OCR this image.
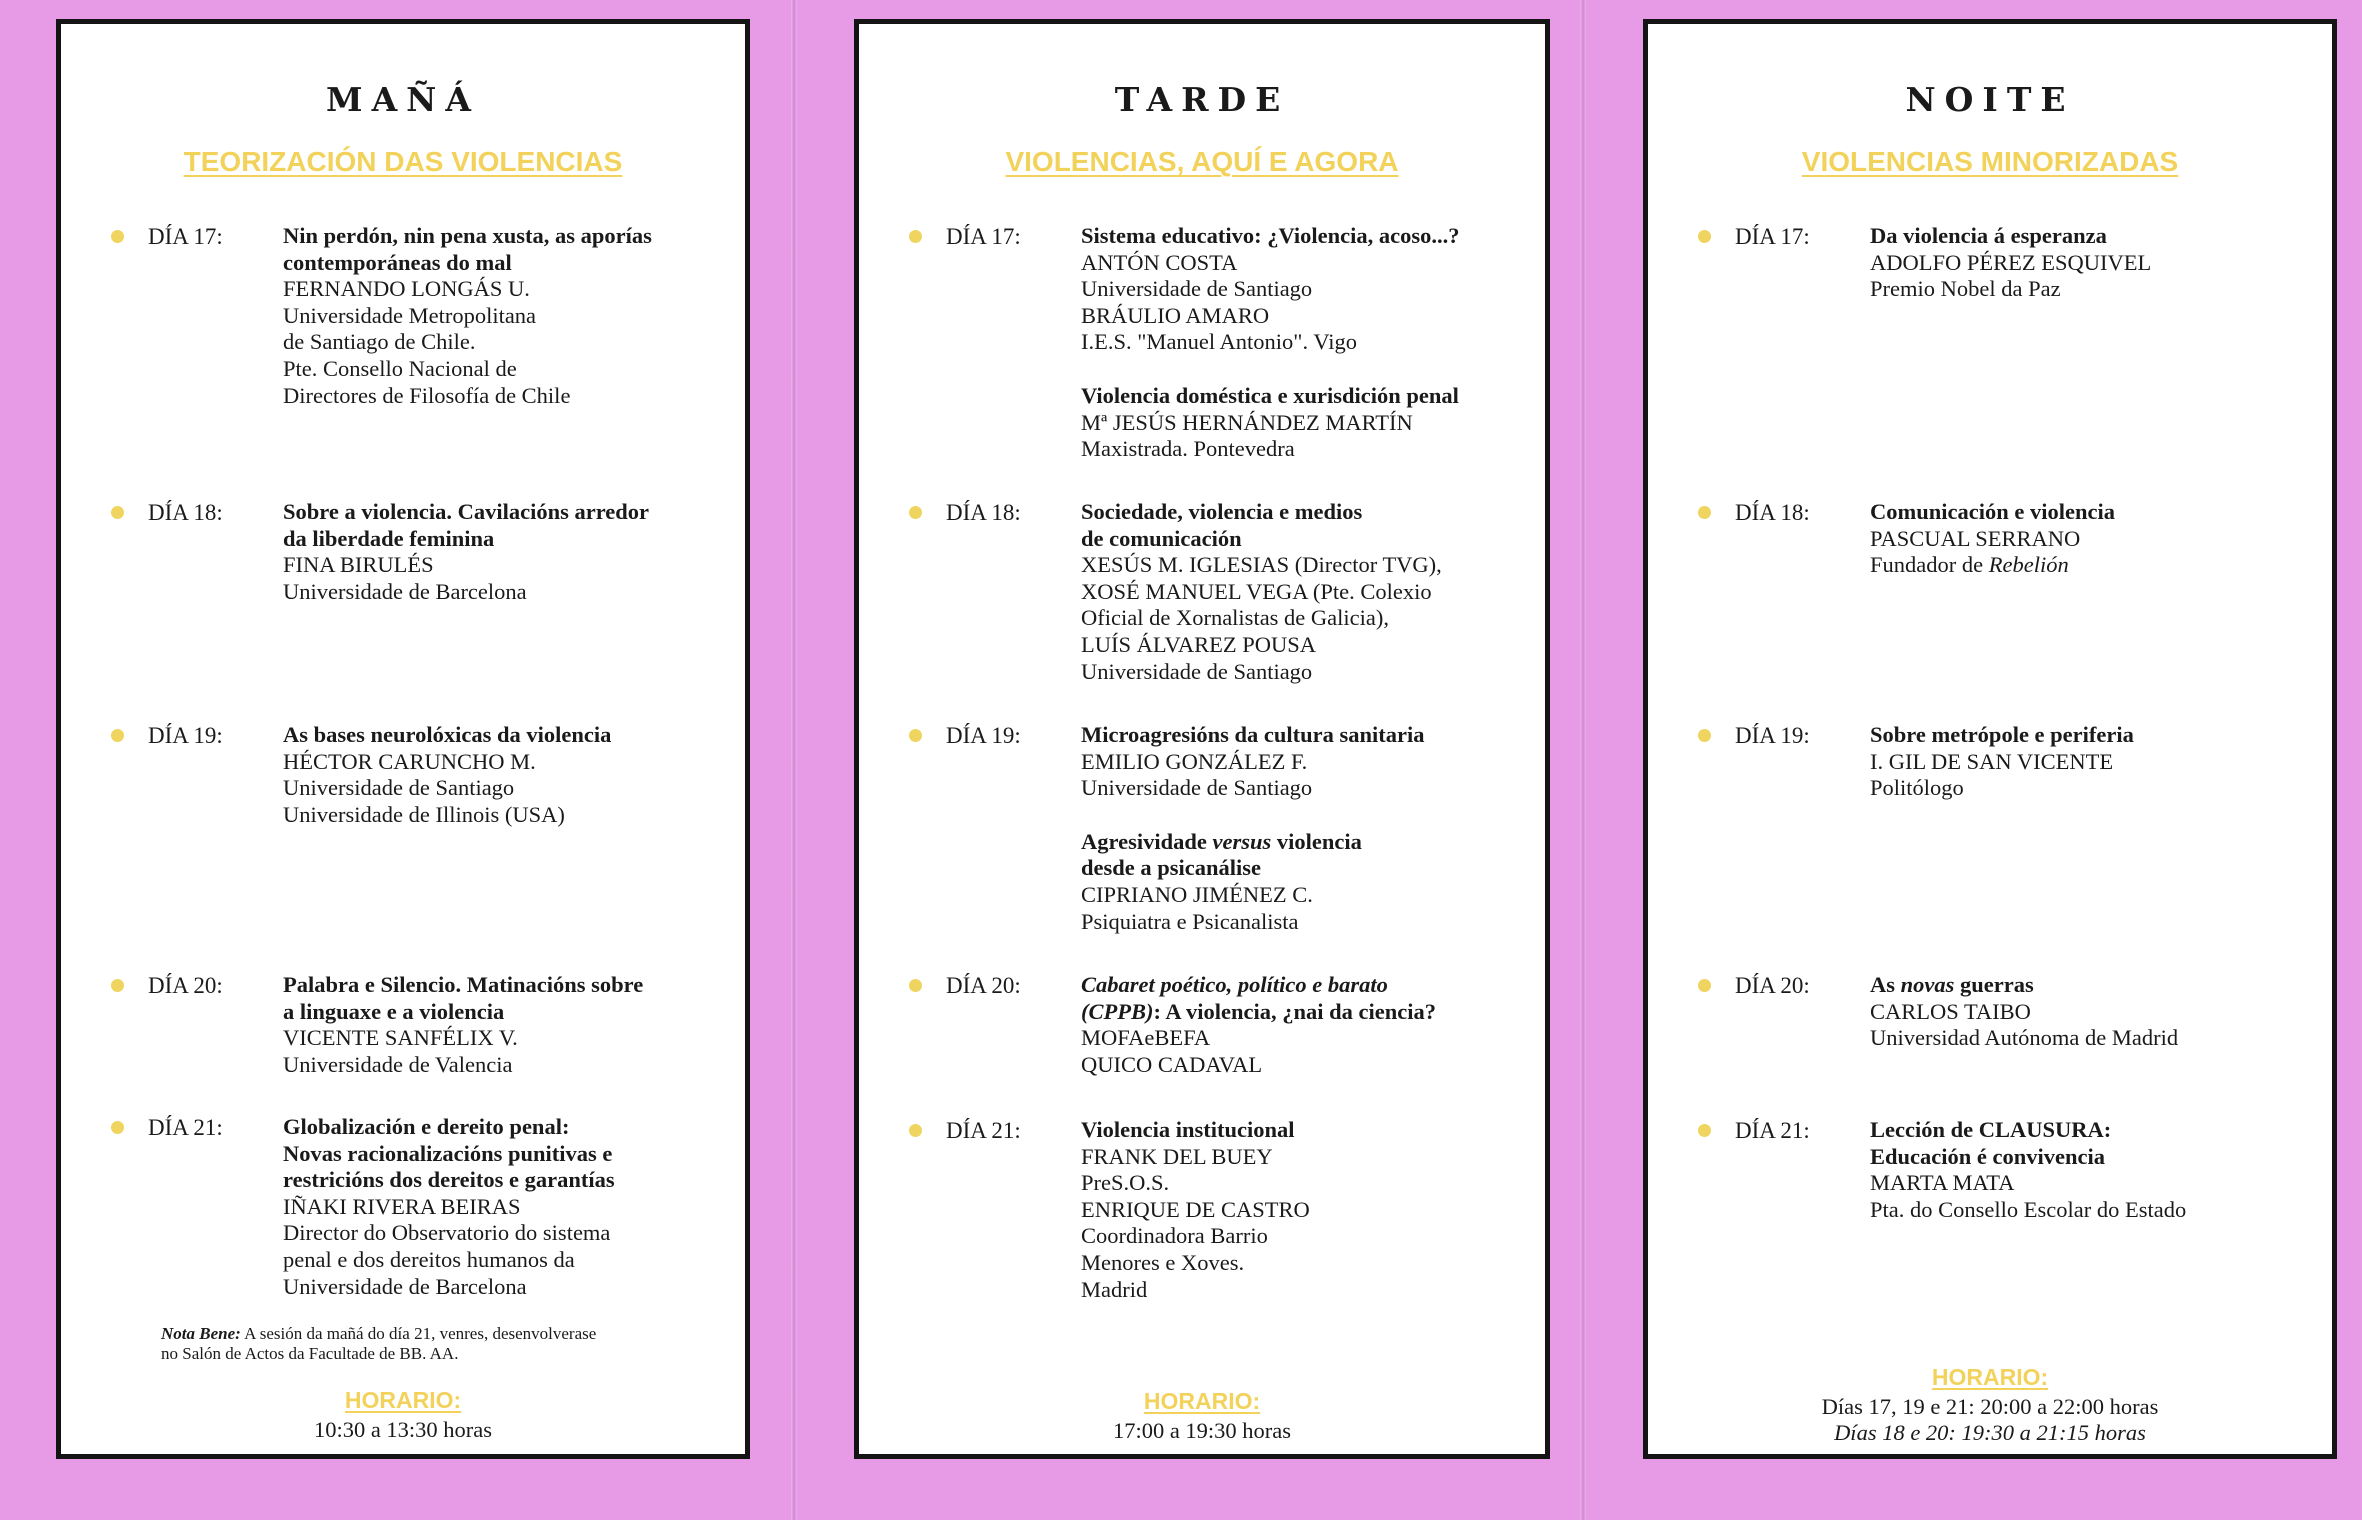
MAÑÁ
TEORIZACIÓN DAS VIOLENCIAS
DÍA 17:	Nin perdón, nin pena xusta, as aporías
contemporáneas do mal
FERNANDO LONGÁS U.
Universidade Metropolitana
de Santiago de Chile.
Pte. Consello Nacional de
Directores de Filosofía de Chile
DÍA 18:	Sobre a violencia. Cavilacións arredor
da liberdade feminina
FINA BIRULÉS
Universidade de Barcelona
DÍA 19:	As bases neurolóxicas da violencia
HÉCTOR CARUNCHO M.
Universidade de Santiago
Universidade de Illinois (USA)
DÍA 20:	Palabra e Silencio. Matinacións sobre
a linguaxe e a violencia
VICENTE SANFÉLIX V.
Universidade de Valencia
DÍA 21:	Globalización e dereito penal:
Novas racionalizacións punitivas e
restricións dos dereitos e garantías
IÑAKI RIVERA BEIRAS
Director do Observatorio do sistema
penal e dos dereitos humanos da
Universidade de Barcelona
Nota Bene: A sesión da mañá do día 21, venres, desenvolverase
no Salón de Actos da Facultade de BB. AA.
HORARIO:
10:30 a 13:30 horas
TARDE
VIOLENCIAS, AQUÍ E AGORA
DÍA 17:	Sistema educativo: ¿Violencia, acoso...?
ANTÓN COSTA
Universidade de Santiago
BRÁULIO AMARO
I.E.S. "Manuel Antonio". Vigo
Violencia doméstica e xurisdición penal
Mª JESÚS HERNÁNDEZ MARTÍN
Maxistrada. Pontevedra
DÍA 18:	Sociedade, violencia e medios
de comunicación
XESÚS M. IGLESIAS (Director TVG),
XOSÉ MANUEL VEGA (Pte. Colexio
Oficial de Xornalistas de Galicia),
LUÍS ÁLVAREZ POUSA
Universidade de Santiago
DÍA 19:	Microagresións da cultura sanitaria
EMILIO GONZÁLEZ F.
Universidade de Santiago
Agresividade versus violencia
desde a psicanálise
CIPRIANO JIMÉNEZ C.
Psiquiatra e Psicanalista
DÍA 20:	Cabaret poético, político e barato
(CPPB): A violencia, ¿nai da ciencia?
MOFAeBEFA
QUICO CADAVAL
DÍA 21:	Violencia institucional
FRANK DEL BUEY
PreS.O.S.
ENRIQUE DE CASTRO
Coordinadora Barrio
Menores e Xoves.
Madrid
HORARIO:
17:00 a 19:30 horas
NOITE
VIOLENCIAS MINORIZADAS
DÍA 17:	Da violencia á esperanza
ADOLFO PÉREZ ESQUIVEL
Premio Nobel da Paz
DÍA 18:	Comunicación e violencia
PASCUAL SERRANO
Fundador de Rebelión
DÍA 19:	Sobre metrópole e periferia
I. GIL DE SAN VICENTE
Politólogo
DÍA 20:	As novas guerras
CARLOS TAIBO
Universidad Autónoma de Madrid
DÍA 21:	Lección de CLAUSURA:
Educación é convivencia
MARTA MATA
Pta. do Consello Escolar do Estado
HORARIO:
Días 17, 19 e 21: 20:00 a 22:00 horas
Días 18 e 20: 19:30 a 21:15 horas
